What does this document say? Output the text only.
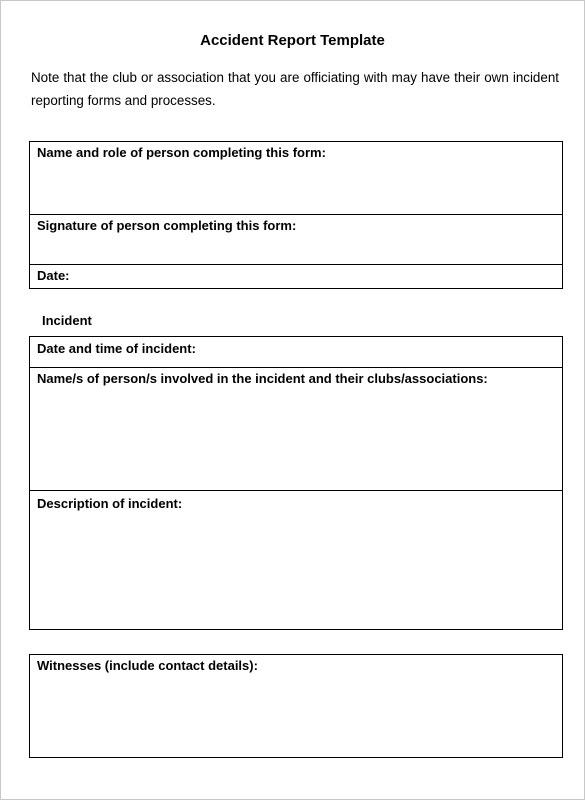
Accident Report Template
Note that the club or association that you are officiating with may have their own incident reporting forms and processes.
Name and role of person completing this form:
Signature of person completing this form:
Date:
Incident
Date and time of incident:
Name/s of person/s involved in the incident and their clubs/associations:
Description of incident:
Witnesses (include contact details):
